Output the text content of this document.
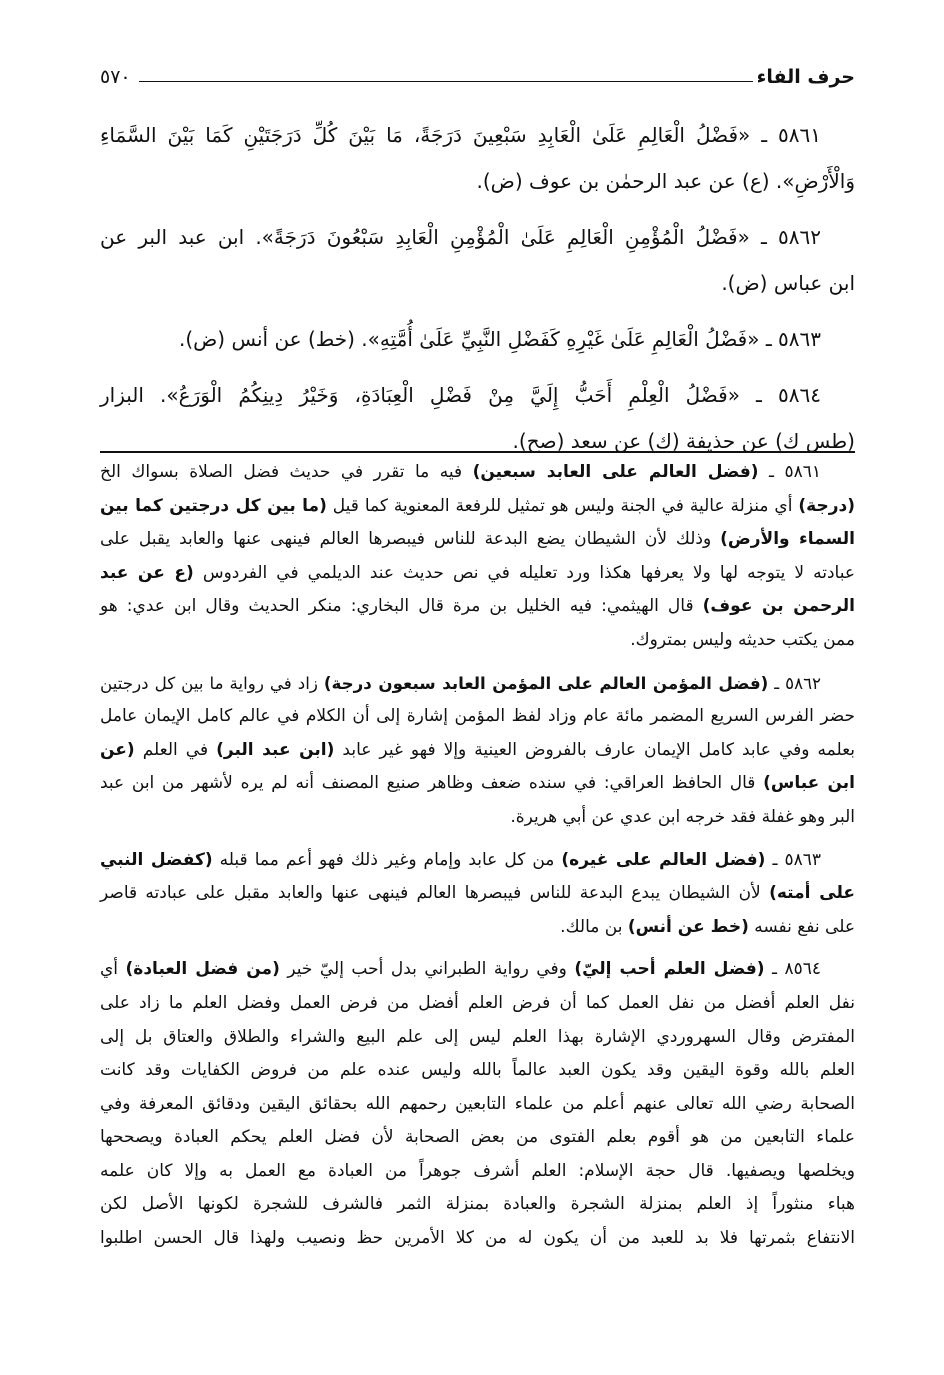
حرف الفاء
٥٧٠
٥٨٦١ ـ «فَضْلُ الْعَالِمِ عَلَىٰ الْعَابِدِ سَبْعِينَ دَرَجَةً، مَا بَيْنَ كُلِّ دَرَجَتَيْنِ كَمَا بَيْنَ السَّمَاءِ
وَالْأَرْضِ». (ع) عن عبد الرحمٰن بن عوف (ض).
٥٨٦٢ ـ «فَضْلُ الْمُؤْمِنِ الْعَالِمِ عَلَىٰ الْمُؤْمِنِ الْعَابِدِ سَبْعُونَ دَرَجَةً». ابن عبد البر عن
ابن عباس (ض).
٥٨٦٣ ـ «فَضْلُ الْعَالِمِ عَلَىٰ غَيْرِهِ كَفَضْلِ النَّبِيِّ عَلَىٰ أُمَّتِهِ». (خط) عن أنس (ض).
٥٨٦٤ ـ «فَضْلُ الْعِلْمِ أَحَبُّ إِلَيَّ مِنْ فَضْلِ الْعِبَادَةِ، وَخَيْرُ دِينِكُمُ الْوَرَعُ». البزار
(طس ك) عن حذيفة (ك) عن سعد (صح).
٥٨٦١ ـ (فضل العالم على العابد سبعين) فيه ما تقرر في حديث فضل الصلاة بسواك الخ
(درجة) أي منزلة عالية في الجنة وليس هو تمثيل للرفعة المعنوية كما قيل (ما بين كل درجتين كما بين
السماء والأرض) وذلك لأن الشيطان يضع البدعة للناس فيبصرها العالم فينهى عنها والعابد يقبل على
عبادته لا يتوجه لها ولا يعرفها هكذا ورد تعليله في نص حديث عند الديلمي في الفردوس (ع عن عبد
الرحمن بن عوف) قال الهيثمي: فيه الخليل بن مرة قال البخاري: منكر الحديث وقال ابن عدي: هو
ممن يكتب حديثه وليس بمتروك.
٥٨٦٢ ـ (فضل المؤمن العالم على المؤمن العابد سبعون درجة) زاد في رواية ما بين كل درجتين
حضر الفرس السريع المضمر مائة عام وزاد لفظ المؤمن إشارة إلى أن الكلام في عالم كامل الإيمان عامل
بعلمه وفي عابد كامل الإيمان عارف بالفروض العينية وإلا فهو غير عابد (ابن عبد البر) في العلم (عن
ابن عباس) قال الحافظ العراقي: في سنده ضعف وظاهر صنيع المصنف أنه لم يره لأشهر من ابن عبد
البر وهو غفلة فقد خرجه ابن عدي عن أبي هريرة.
٥٨٦٣ ـ (فضل العالم على غيره) من كل عابد وإمام وغير ذلك فهو أعم مما قبله (كفضل النبي
على أمته) لأن الشيطان يبدع البدعة للناس فيبصرها العالم فينهى عنها والعابد مقبل على عبادته قاصر
على نفع نفسه (خط عن أنس) بن مالك.
٨٥٦٤ ـ (فضل العلم أحب إليّ) وفي رواية الطبراني بدل أحب إليّ خير (من فضل العبادة) أي
نفل العلم أفضل من نفل العمل كما أن فرض العلم أفضل من فرض العمل وفضل العلم ما زاد على
المفترض وقال السهروردي الإشارة بهذا العلم ليس إلى علم البيع والشراء والطلاق والعتاق بل إلى
العلم بالله وقوة اليقين وقد يكون العبد عالماً بالله وليس عنده علم من فروض الكفايات وقد كانت
الصحابة رضي الله تعالى عنهم أعلم من علماء التابعين رحمهم الله بحقائق اليقين ودقائق المعرفة وفي
علماء التابعين من هو أقوم بعلم الفتوى من بعض الصحابة لأن فضل العلم يحكم العبادة ويصححها
ويخلصها ويصفيها. قال حجة الإسلام: العلم أشرف جوهراً من العبادة مع العمل به وإلا كان علمه
هباء منثوراً إذ العلم بمنزلة الشجرة والعبادة بمنزلة الثمر فالشرف للشجرة لكونها الأصل لكن
الانتفاع بثمرتها فلا بد للعبد من أن يكون له من كلا الأمرين حظ ونصيب ولهذا قال الحسن اطلبوا
